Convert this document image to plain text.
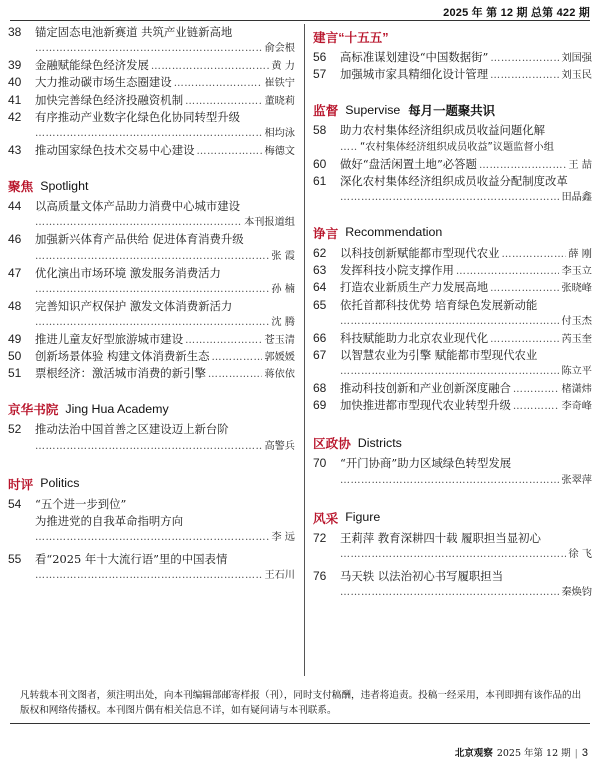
2025 年 第 12 期 总第 422 期
38	锚定固态电池新赛道 共筑产业链新高地
……………………………………………………………………………………………………………………………………
俞会根
39	金融赋能绿色经济发展 ……………………………………………………………………………………………………………………………………	黄 力
40	大力推动碳市场生态圈建设 ……………………………………………………………………………………………………………………………………	崔铁宁
41	加快完善绿色经济投融资机制 ……………………………………………………………………………………………………………………………………	董晓莉
42	有序推动产业数字化绿色化协同转型升级
……………………………………………………………………………………………………………………………………
相均泳
43	推动国家绿色技术交易中心建设 ……………………………………………………………………………………………………………………………………	梅德文
聚焦 Spotlight
44	以高质量文体产品助力消费中心城市建设
……………………………………………………………………………………………………………………………………
本刊报道组
46	加强新兴体育产品供给 促进体育消费升级
……………………………………………………………………………………………………………………………………
张 霞
47	优化演出市场环境 激发服务消费活力
……………………………………………………………………………………………………………………………………
孙 楠
48	完善知识产权保护 激发文体消费新活力
……………………………………………………………………………………………………………………………………
沈 腾
49	推进儿童友好型旅游城市建设 ……………………………………………………………………………………………………………………………………	苍玉清
50	创新场景体验 构建文体消费新生态 ……………………………………………………………………………………………………………………………………	郭媛媛
51	票根经济：激活城市消费的新引擎 ……………………………………………………………………………………………………………………………………	蒋依依
京华书院 Jing Hua Academy
52	推动法治中国首善之区建设迈上新台阶
……………………………………………………………………………………………………………………………………
高警兵
时评 Politics
54	“五个进一步到位”
为推进党的自我革命指明方向
……………………………………………………………………………………………………………………………………
李 远
55	看“2025 年十大流行语”里的中国表情
……………………………………………………………………………………………………………………………………
王石川
建言“十五五”
56	高标准谋划建设“中国数据街” ……………………………………………………………………………………………………………………………………	刘国强
57	加强城市家具精细化设计管理 ……………………………………………………………………………………………………………………………………	刘玉民
监督 Supervise 每月一题聚共识
58	助力农村集体经济组织成员收益问题化解
……………………………………………………………………………………………………………………………………
“农村集体经济组织成员收益”议题监督小组
60	做好“盘活闲置土地”必答题 ……………………………………………………………………………………………………………………………………	王 喆
61	深化农村集体经济组织成员收益分配制度改革
……………………………………………………………………………………………………………………………………
田晶鑫
诤言 Recommendation
62	以科技创新赋能都市型现代农业 ……………………………………………………………………………………………………………………………………	薛 刚
63	发挥科技小院支撑作用 ……………………………………………………………………………………………………………………………………	李玉立
64	打造农业新质生产力发展高地 ……………………………………………………………………………………………………………………………………	张晓峰
65	依托首都科技优势 培育绿色发展新动能
……………………………………………………………………………………………………………………………………
付玉杰
66	科技赋能助力北京农业现代化 ……………………………………………………………………………………………………………………………………	芮玉奎
67	以智慧农业为引擎 赋能都市型现代农业
……………………………………………………………………………………………………………………………………
陈立平
68	推动科技创新和产业创新深度融合 ……………………………………………………………………………………………………………………………………	楮潇炜
69	加快推进都市型现代农业转型升级 ……………………………………………………………………………………………………………………………………	李奇峰
区政协 Districts
70	“开门协商”助力区域绿色转型发展
……………………………………………………………………………………………………………………………………
张翠萍
风采 Figure
72	王莉萍 教育深耕四十载 履职担当显初心
……………………………………………………………………………………………………………………………………
徐 飞
76	马天轶 以法治初心书写履职担当
……………………………………………………………………………………………………………………………………
秦焕钧
凡转载本刊文图者，须注明出处，向本刊编辑部邮寄样报（刊），同时支付稿酬，违者将追责。投稿一经采用，本刊即拥有该作品的出版权和网络传播权。本刊图片偶有相关信息不详，如有疑问请与本刊联系。
北京观察 2025 年第 12 期 | 3
